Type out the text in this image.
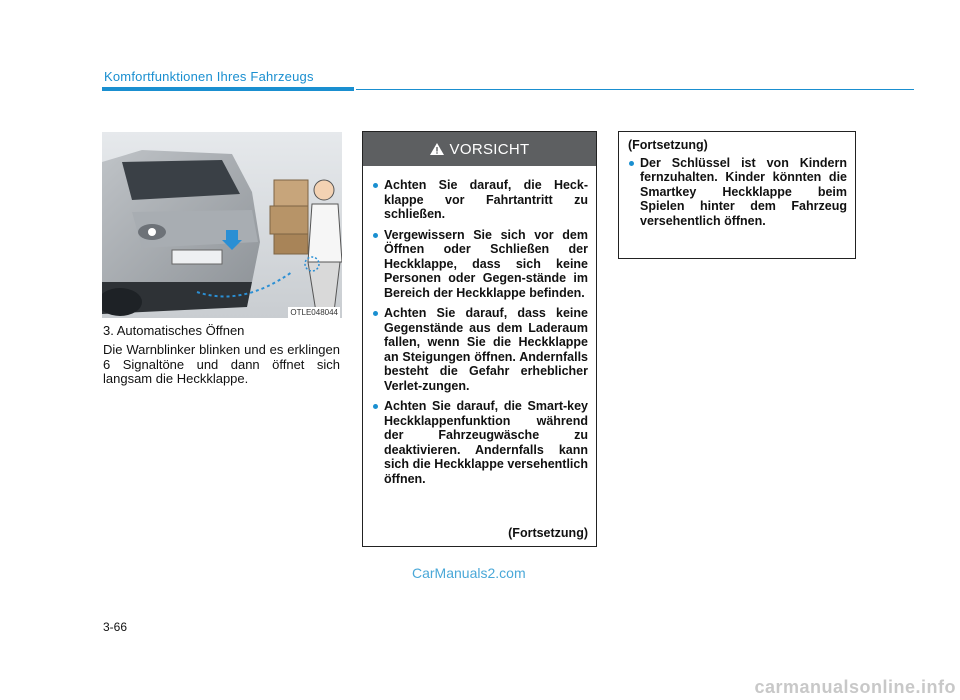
Komfortfunktionen Ihres Fahrzeugs
OTLE048044
3. Automatisches Öffnen
Die Warnblinker blinken und es erklingen 6 Signaltöne und dann öffnet sich langsam die Heckklappe.
VORSICHT
Achten Sie darauf, die Heck-klappe vor Fahrtantritt zu schließen.
Vergewissern Sie sich vor dem Öffnen oder Schließen der Heckklappe, dass sich keine Personen oder Gegen-stände im Bereich der Heckklappe befinden.
Achten Sie darauf, dass keine Gegenstände aus dem Laderaum fallen, wenn Sie die Heckklappe an Steigungen öffnen. Andernfalls besteht die Gefahr erheblicher Verlet-zungen.
Achten Sie darauf, die Smart-key Heckklappenfunktion während der Fahrzeugwäsche zu deaktivieren. Andernfalls kann sich die Heckklappe versehentlich öffnen.
(Fortsetzung)
(Fortsetzung)
Der Schlüssel ist von Kindern fernzuhalten. Kinder könnten die Smartkey Heckklappe beim Spielen hinter dem Fahrzeug versehentlich öffnen.
CarManuals2.com
3-66
carmanualsonline.info
